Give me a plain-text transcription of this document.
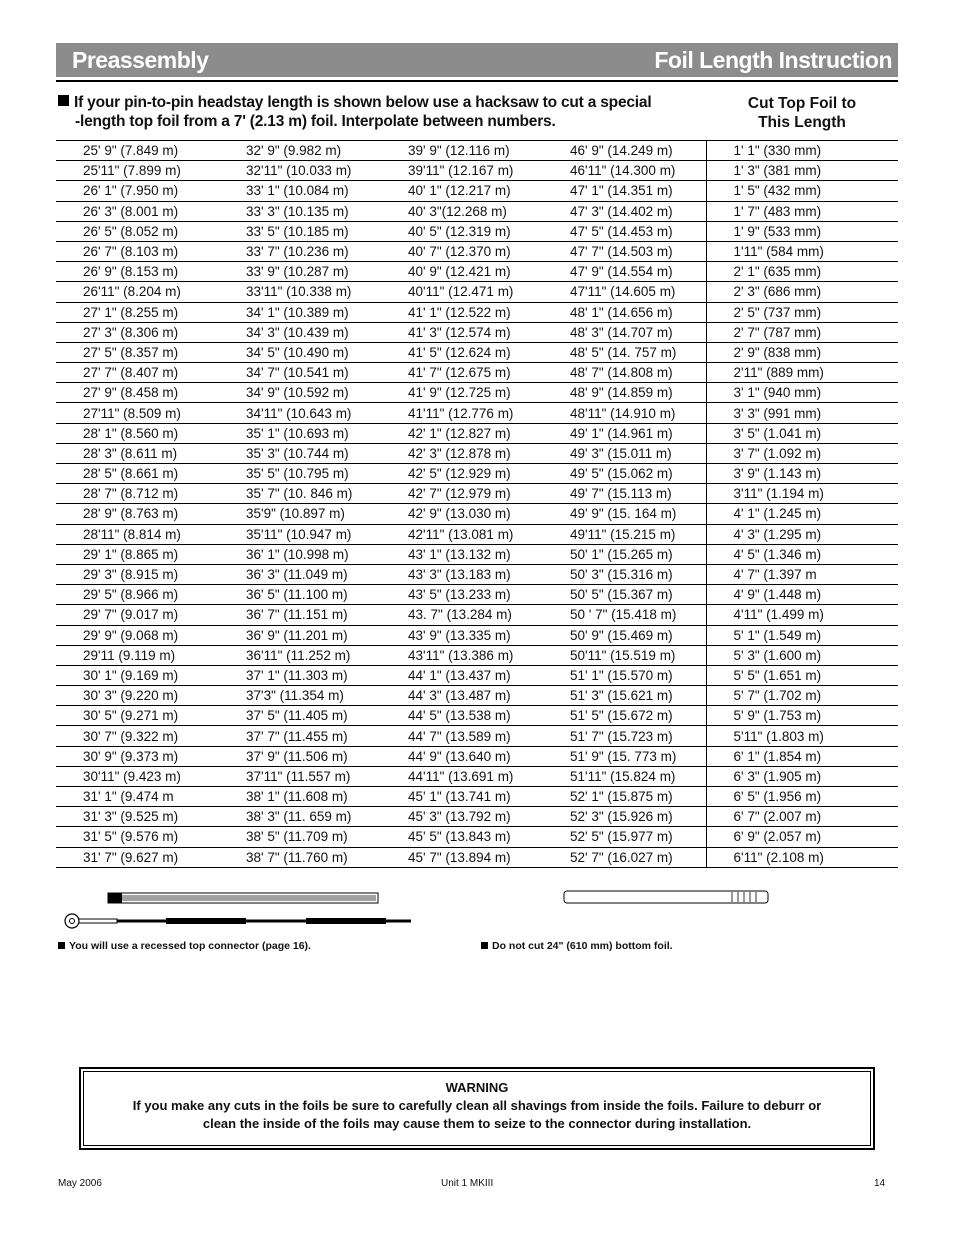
Preassembly	Foil Length Instruction
If your pin-to-pin headstay length is shown below use a hacksaw to cut a special
-length top foil from a 7' (2.13 m) foil. Interpolate between numbers.
Cut Top Foil to
This Length
25' 9" (7.849 m)	32' 9" (9.982 m)	39' 9" (12.116 m)	46' 9" (14.249 m)	1' 1" (330 mm)
25'11" (7.899 m)	32'11" (10.033 m)	39'11" (12.167 m)	46'11" (14.300 m)	1' 3" (381 mm)
26' 1" (7.950 m)	33' 1" (10.084 m)	40' 1" (12.217 m)	47' 1" (14.351 m)	1' 5" (432 mm)
26' 3" (8.001 m)	33' 3" (10.135 m)	40' 3"(12.268 m)	47' 3" (14.402 m)	1' 7" (483 mm)
26' 5" (8.052 m)	33' 5" (10.185 m)	40' 5" (12.319 m)	47' 5" (14.453 m)	1' 9" (533 mm)
26' 7" (8.103 m)	33' 7" (10.236 m)	40' 7" (12.370 m)	47' 7" (14.503 m)	1'11" (584 mm)
26' 9" (8.153 m)	33' 9" (10.287 m)	40' 9" (12.421 m)	47' 9" (14.554 m)	2' 1" (635 mm)
26'11" (8.204 m)	33'11" (10.338 m)	40'11" (12.471 m)	47'11" (14.605 m)	2' 3" (686 mm)
27' 1" (8.255 m)	34' 1" (10.389 m)	41' 1" (12.522 m)	48' 1" (14.656 m)	2' 5" (737 mm)
27' 3" (8.306 m)	34' 3" (10.439 m)	41' 3" (12.574 m)	48' 3" (14.707 m)	2' 7" (787 mm)
27' 5" (8.357 m)	34' 5" (10.490 m)	41' 5" (12.624 m)	48' 5" (14. 757 m)	2' 9" (838 mm)
27' 7" (8.407 m)	34' 7" (10.541 m)	41' 7" (12.675 m)	48' 7" (14.808 m)	2'11" (889 mm)
27' 9" (8.458 m)	34' 9" (10.592 m)	41' 9" (12.725 m)	48' 9" (14.859 m)	3' 1" (940 mm)
27'11" (8.509 m)	34'11" (10.643 m)	41'11" (12.776 m)	48'11" (14.910 m)	3' 3" (991 mm)
28' 1" (8.560 m)	35' 1" (10.693 m)	42' 1" (12.827 m)	49' 1" (14.961 m)	3' 5" (1.041 m)
28' 3" (8.611 m)	35' 3" (10.744 m)	42' 3" (12.878 m)	49' 3" (15.011 m)	3' 7" (1.092 m)
28' 5" (8.661 m)	35' 5" (10.795 m)	42' 5" (12.929 m)	49' 5" (15.062 m)	3' 9" (1.143 m)
28' 7" (8.712 m)	35' 7" (10. 846 m)	42' 7" (12.979 m)	49' 7" (15.113 m)	3'11" (1.194 m)
28' 9" (8.763 m)	35'9" (10.897 m)	42' 9" (13.030 m)	49' 9" (15. 164 m)	4' 1" (1.245 m)
28'11" (8.814 m)	35'11" (10.947 m)	42'11" (13.081 m)	49'11" (15.215 m)	4' 3" (1.295 m)
29' 1" (8.865 m)	36' 1" (10.998 m)	43' 1" (13.132 m)	50' 1" (15.265 m)	4' 5" (1.346 m)
29' 3" (8.915 m)	36' 3" (11.049 m)	43' 3" (13.183 m)	50' 3" (15.316 m)	4' 7" (1.397 m
29' 5" (8.966 m)	36' 5" (11.100 m)	43' 5" (13.233 m)	50' 5" (15.367 m)	4' 9" (1.448 m)
29' 7" (9.017 m)	36' 7" (11.151 m)	43. 7" (13.284 m)	50 ' 7" (15.418 m)	4'11" (1.499 m)
29' 9" (9.068 m)	36' 9" (11.201 m)	43' 9" (13.335 m)	50' 9" (15.469 m)	5' 1" (1.549 m)
29'11 (9.119 m)	36'11" (11.252 m)	43'11" (13.386 m)	50'11" (15.519 m)	5' 3" (1.600 m)
30' 1" (9.169 m)	37' 1" (11.303 m)	44' 1" (13.437 m)	51' 1" (15.570 m)	5' 5" (1.651 m)
30' 3" (9.220 m)	37'3" (11.354 m)	44' 3" (13.487 m)	51' 3" (15.621 m)	5' 7" (1.702 m)
30' 5" (9.271 m)	37' 5" (11.405 m)	44' 5" (13.538 m)	51' 5" (15.672 m)	5' 9" (1.753 m)
30' 7" (9.322 m)	37' 7" (11.455 m)	44' 7" (13.589 m)	51' 7" (15.723 m)	5'11" (1.803 m)
30' 9" (9.373 m)	37' 9" (11.506 m)	44' 9" (13.640 m)	51' 9" (15. 773 m)	6' 1" (1.854 m)
30'11" (9.423 m)	37'11" (11.557 m)	44'11" (13.691 m)	51'11" (15.824 m)	6' 3" (1.905 m)
31' 1" (9.474 m	38' 1" (11.608 m)	45' 1" (13.741 m)	52' 1" (15.875 m)	6' 5" (1.956 m)
31' 3" (9.525 m)	38' 3" (11. 659 m)	45' 3" (13.792 m)	52' 3" (15.926 m)	6' 7" (2.007 m)
31' 5" (9.576 m)	38' 5" (11.709 m)	45' 5" (13.843 m)	52' 5" (15.977 m)	6' 9" (2.057 m)
31' 7" (9.627 m)	38' 7" (11.760 m)	45' 7" (13.894 m)	52' 7" (16.027 m)	6'11" (2.108 m)
You will use a recessed top connector (page 16).	Do not cut 24" (610 mm) bottom foil.
WARNING
If you make any cuts in the foils be sure to carefully clean all shavings from inside the foils. Failure to deburr or
clean the inside of the foils may cause them to seize to the connector during installation.
May 2006	Unit 1 MKIII	14
